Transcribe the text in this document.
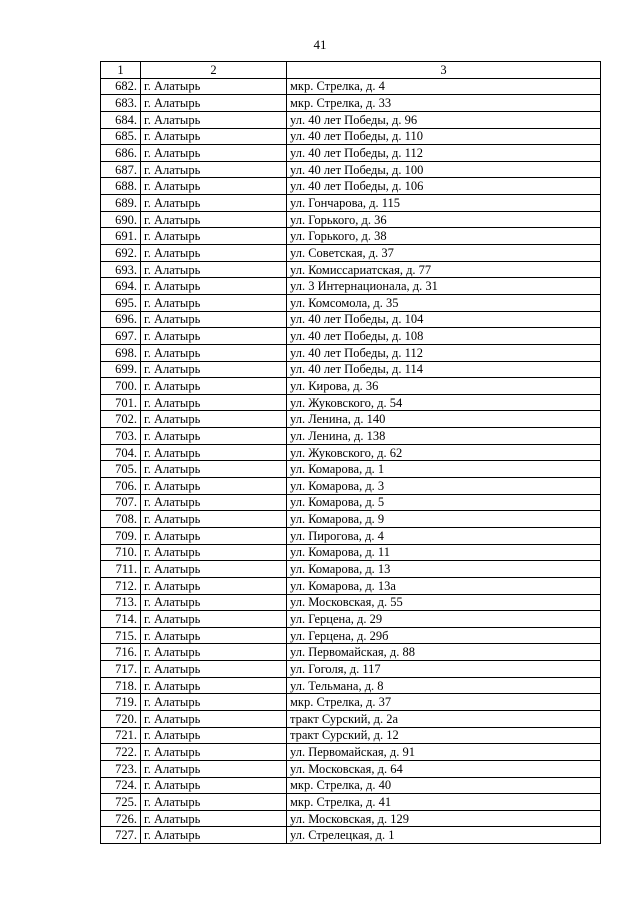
41
1	2	3
682.	г. Алатырь	мкр. Стрелка, д. 4
683.	г. Алатырь	мкр. Стрелка, д. 33
684.	г. Алатырь	ул. 40 лет Победы, д. 96
685.	г. Алатырь	ул. 40 лет Победы, д. 110
686.	г. Алатырь	ул. 40 лет Победы, д. 112
687.	г. Алатырь	ул. 40 лет Победы, д. 100
688.	г. Алатырь	ул. 40 лет Победы, д. 106
689.	г. Алатырь	ул. Гончарова, д. 115
690.	г. Алатырь	ул. Горького, д. 36
691.	г. Алатырь	ул. Горького, д. 38
692.	г. Алатырь	ул. Советская, д. 37
693.	г. Алатырь	ул. Комиссариатская, д. 77
694.	г. Алатырь	ул. 3 Интернационала, д. 31
695.	г. Алатырь	ул. Комсомола, д. 35
696.	г. Алатырь	ул. 40 лет Победы, д. 104
697.	г. Алатырь	ул. 40 лет Победы, д. 108
698.	г. Алатырь	ул. 40 лет Победы, д. 112
699.	г. Алатырь	ул. 40 лет Победы, д. 114
700.	г. Алатырь	ул. Кирова, д. 36
701.	г. Алатырь	ул. Жуковского, д. 54
702.	г. Алатырь	ул. Ленина, д. 140
703.	г. Алатырь	ул. Ленина, д. 138
704.	г. Алатырь	ул. Жуковского, д. 62
705.	г. Алатырь	ул. Комарова, д. 1
706.	г. Алатырь	ул. Комарова, д. 3
707.	г. Алатырь	ул. Комарова, д. 5
708.	г. Алатырь	ул. Комарова, д. 9
709.	г. Алатырь	ул. Пирогова, д. 4
710.	г. Алатырь	ул. Комарова, д. 11
711.	г. Алатырь	ул. Комарова, д. 13
712.	г. Алатырь	ул. Комарова, д. 13а
713.	г. Алатырь	ул. Московская, д. 55
714.	г. Алатырь	ул. Герцена, д. 29
715.	г. Алатырь	ул. Герцена, д. 29б
716.	г. Алатырь	ул. Первомайская, д. 88
717.	г. Алатырь	ул. Гоголя, д. 117
718.	г. Алатырь	ул. Тельмана, д. 8
719.	г. Алатырь	мкр. Стрелка, д. 37
720.	г. Алатырь	тракт Сурский, д. 2а
721.	г. Алатырь	тракт Сурский, д. 12
722.	г. Алатырь	ул. Первомайская, д. 91
723.	г. Алатырь	ул. Московская, д. 64
724.	г. Алатырь	мкр. Стрелка, д. 40
725.	г. Алатырь	мкр. Стрелка, д. 41
726.	г. Алатырь	ул. Московская, д. 129
727.	г. Алатырь	ул. Стрелецкая, д. 1
